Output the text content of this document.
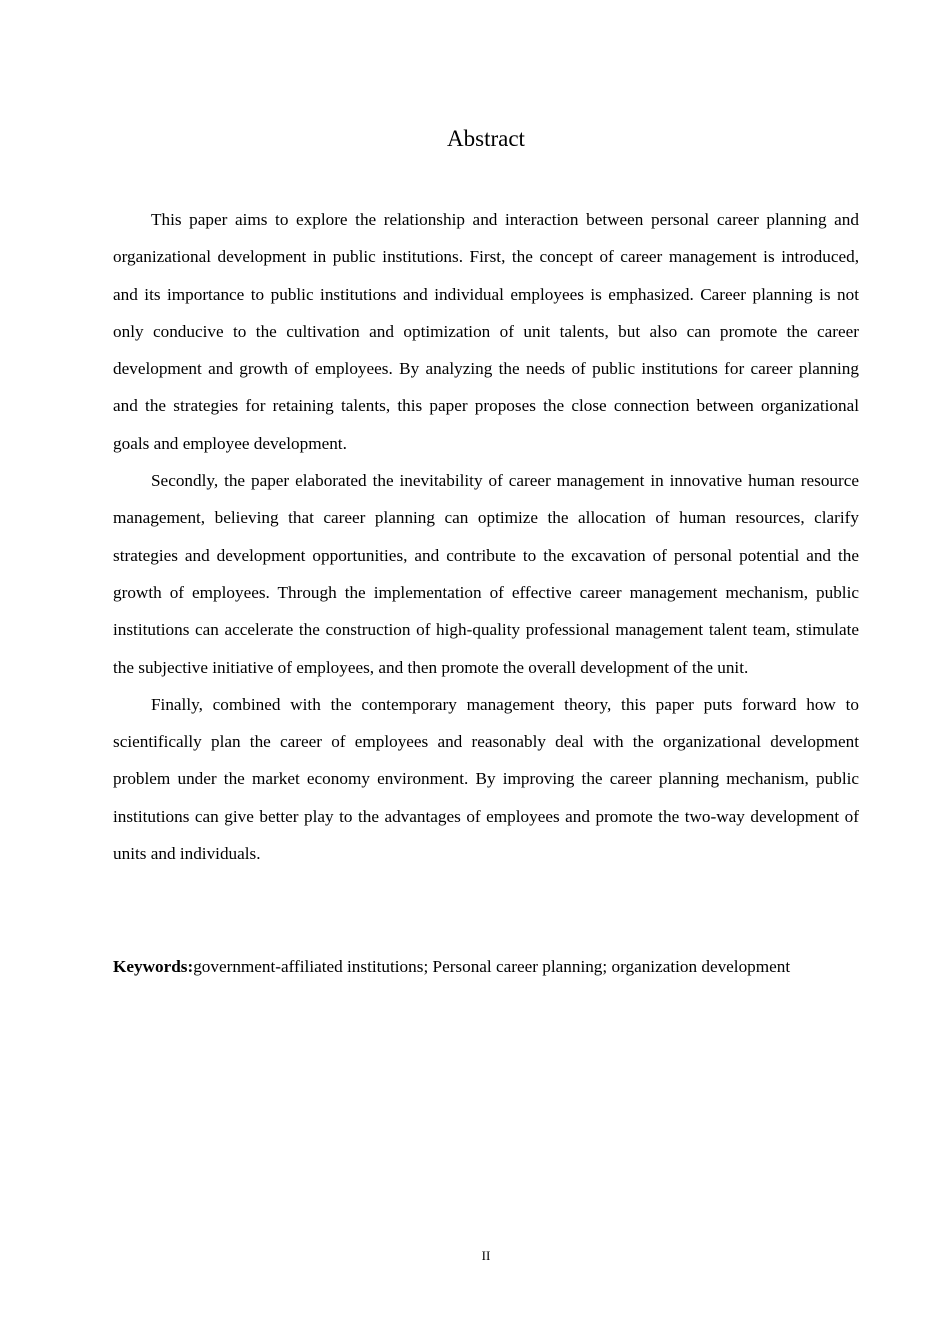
Abstract

This paper aims to explore the relationship and interaction between personal career planning and organizational development in public institutions. First, the concept of career management is introduced, and its importance to public institutions and individual employees is emphasized. Career planning is not only conducive to the cultivation and optimization of unit talents, but also can promote the career development and growth of employees. By analyzing the needs of public institutions for career planning and the strategies for retaining talents, this paper proposes the close connection between organizational goals and employee development.

Secondly, the paper elaborated the inevitability of career management in innovative human resource management, believing that career planning can optimize the allocation of human resources, clarify strategies and development opportunities, and contribute to the excavation of personal potential and the growth of employees. Through the implementation of effective career management mechanism, public institutions can accelerate the construction of high-quality professional management talent team, stimulate the subjective initiative of employees, and then promote the overall development of the unit.

Finally, combined with the contemporary management theory, this paper puts forward how to scientifically plan the career of employees and reasonably deal with the organizational development problem under the market economy environment. By improving the career planning mechanism, public institutions can give better play to the advantages of employees and promote the two-way development of units and individuals.

Keywords:government-affiliated institutions; Personal career planning; organization development

II
